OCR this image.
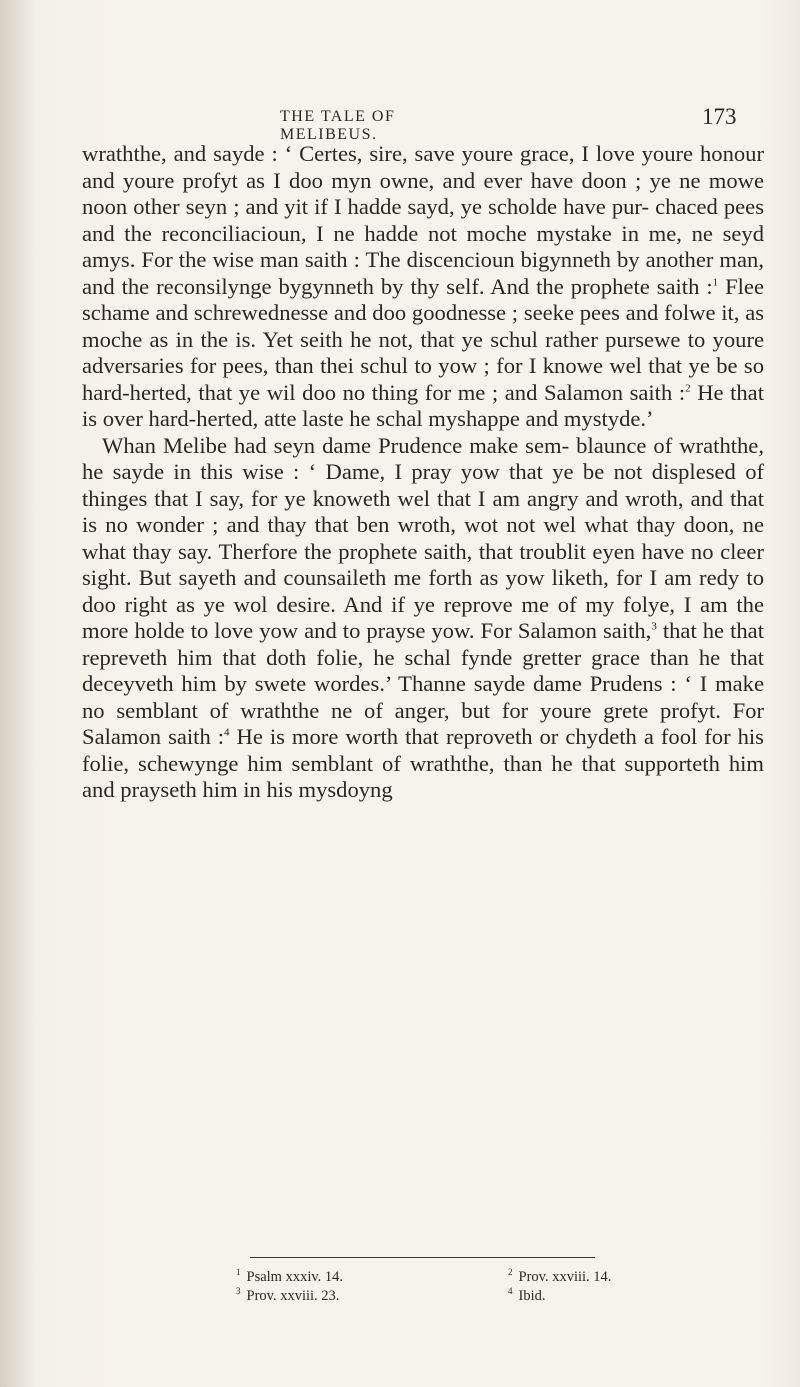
THE TALE OF MELIBEUS.
173

wraththe, and sayde : ‘ Certes, sire, save youre grace, I love youre honour and youre profyt as I doo myn owne, and ever have doon ; ye ne mowe noon other seyn ; and yit if I hadde sayd, ye scholde have pur- chaced pees and the reconciliacioun, I ne hadde not moche mystake in me, ne seyd amys. For the wise man saith : The discencioun bigynneth by another man, and the reconsilynge bygynneth by thy self. And the prophete saith :$^1$ Flee schame and schrewednesse and doo goodnesse ; seeke pees and folwe it, as moche as in the is. Yet seith he not, that ye schul rather pursewe to youre adversaries for pees, than thei schul to yow ; for I knowe wel that ye be so hard-herted, that ye wil doo no thing for me ; and Salamon saith :$^2$ He that is over hard-herted, atte laste he schal myshappe and mystyde.’

Whan Melibe had seyn dame Prudence make sem- blaunce of wraththe, he sayde in this wise : ‘ Dame, I pray yow that ye be not displesed of thinges that I say, for ye knoweth wel that I am angry and wroth, and that is no wonder ; and thay that ben wroth, wot not wel what thay doon, ne what thay say. Therfore the prophete saith, that troublit eyen have no cleer sight. But sayeth and counsaileth me forth as yow liketh, for I am redy to doo right as ye wol desire. And if ye reprove me of my folye, I am the more holde to love yow and to prayse yow. For Salamon saith,$^3$ that he that repreveth him that doth folie, he schal fynde gretter grace than he that deceyveth him by swete wordes.’ Thanne sayde dame Prudens : ‘ I make no semblant of wraththe ne of anger, but for youre grete profyt. For Salamon saith :$^4$ He is more worth that reproveth or chydeth a fool for his folie, schewynge him semblant of wraththe, than he that supporteth him and prayseth him in his mysdoyng

$^1$ Psalm xxxiv. 14.	$^2$ Prov. xxviii. 14.
$^3$ Prov. xxviii. 23.	$^4$ Ibid.
